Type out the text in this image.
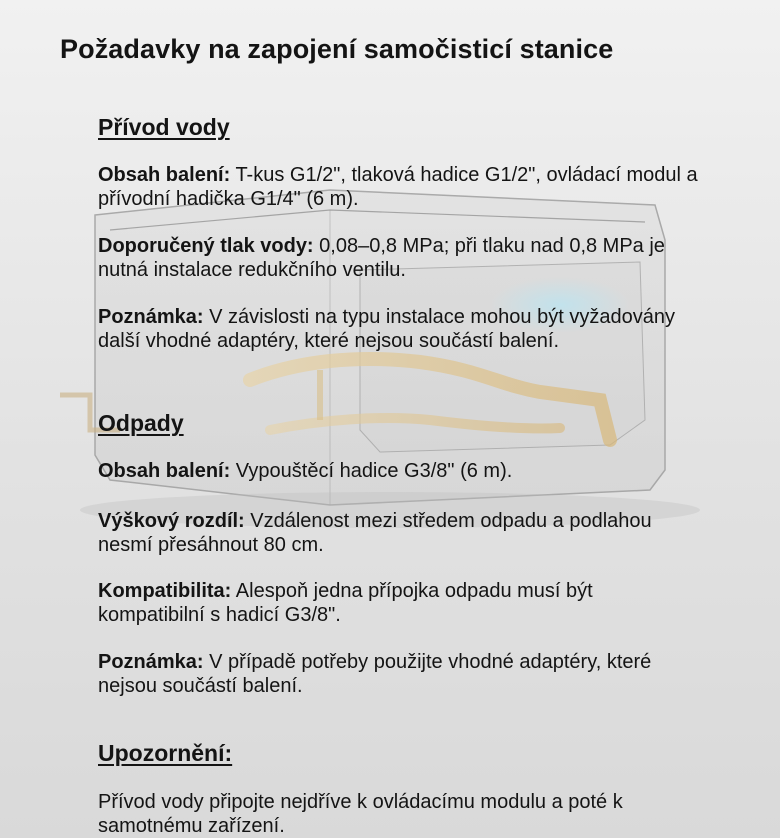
Požadavky na zapojení samočisticí stanice
Přívod vody

Obsah balení: T-kus G1/2", tlaková hadice G1/2", ovládací modul a přívodní hadička G1/4" (6 m).

Doporučený tlak vody: 0,08–0,8 MPa; při tlaku nad 0,8 MPa je nutná instalace redukčního ventilu.

Poznámka: V závislosti na typu instalace mohou být vyžadovány další vhodné adaptéry, které nejsou součástí balení.

Odpady

Obsah balení: Vypouštěcí hadice G3/8" (6 m).

Výškový rozdíl: Vzdálenost mezi středem odpadu a podlahou nesmí přesáhnout 80 cm.

Kompatibilita: Alespoň jedna přípojka odpadu musí být kompatibilní s hadicí G3/8".

Poznámka: V případě potřeby použijte vhodné adaptéry, které nejsou součástí balení.

Upozornění:

Přívod vody připojte nejdříve k ovládacímu modulu a poté k samotnému zařízení.
